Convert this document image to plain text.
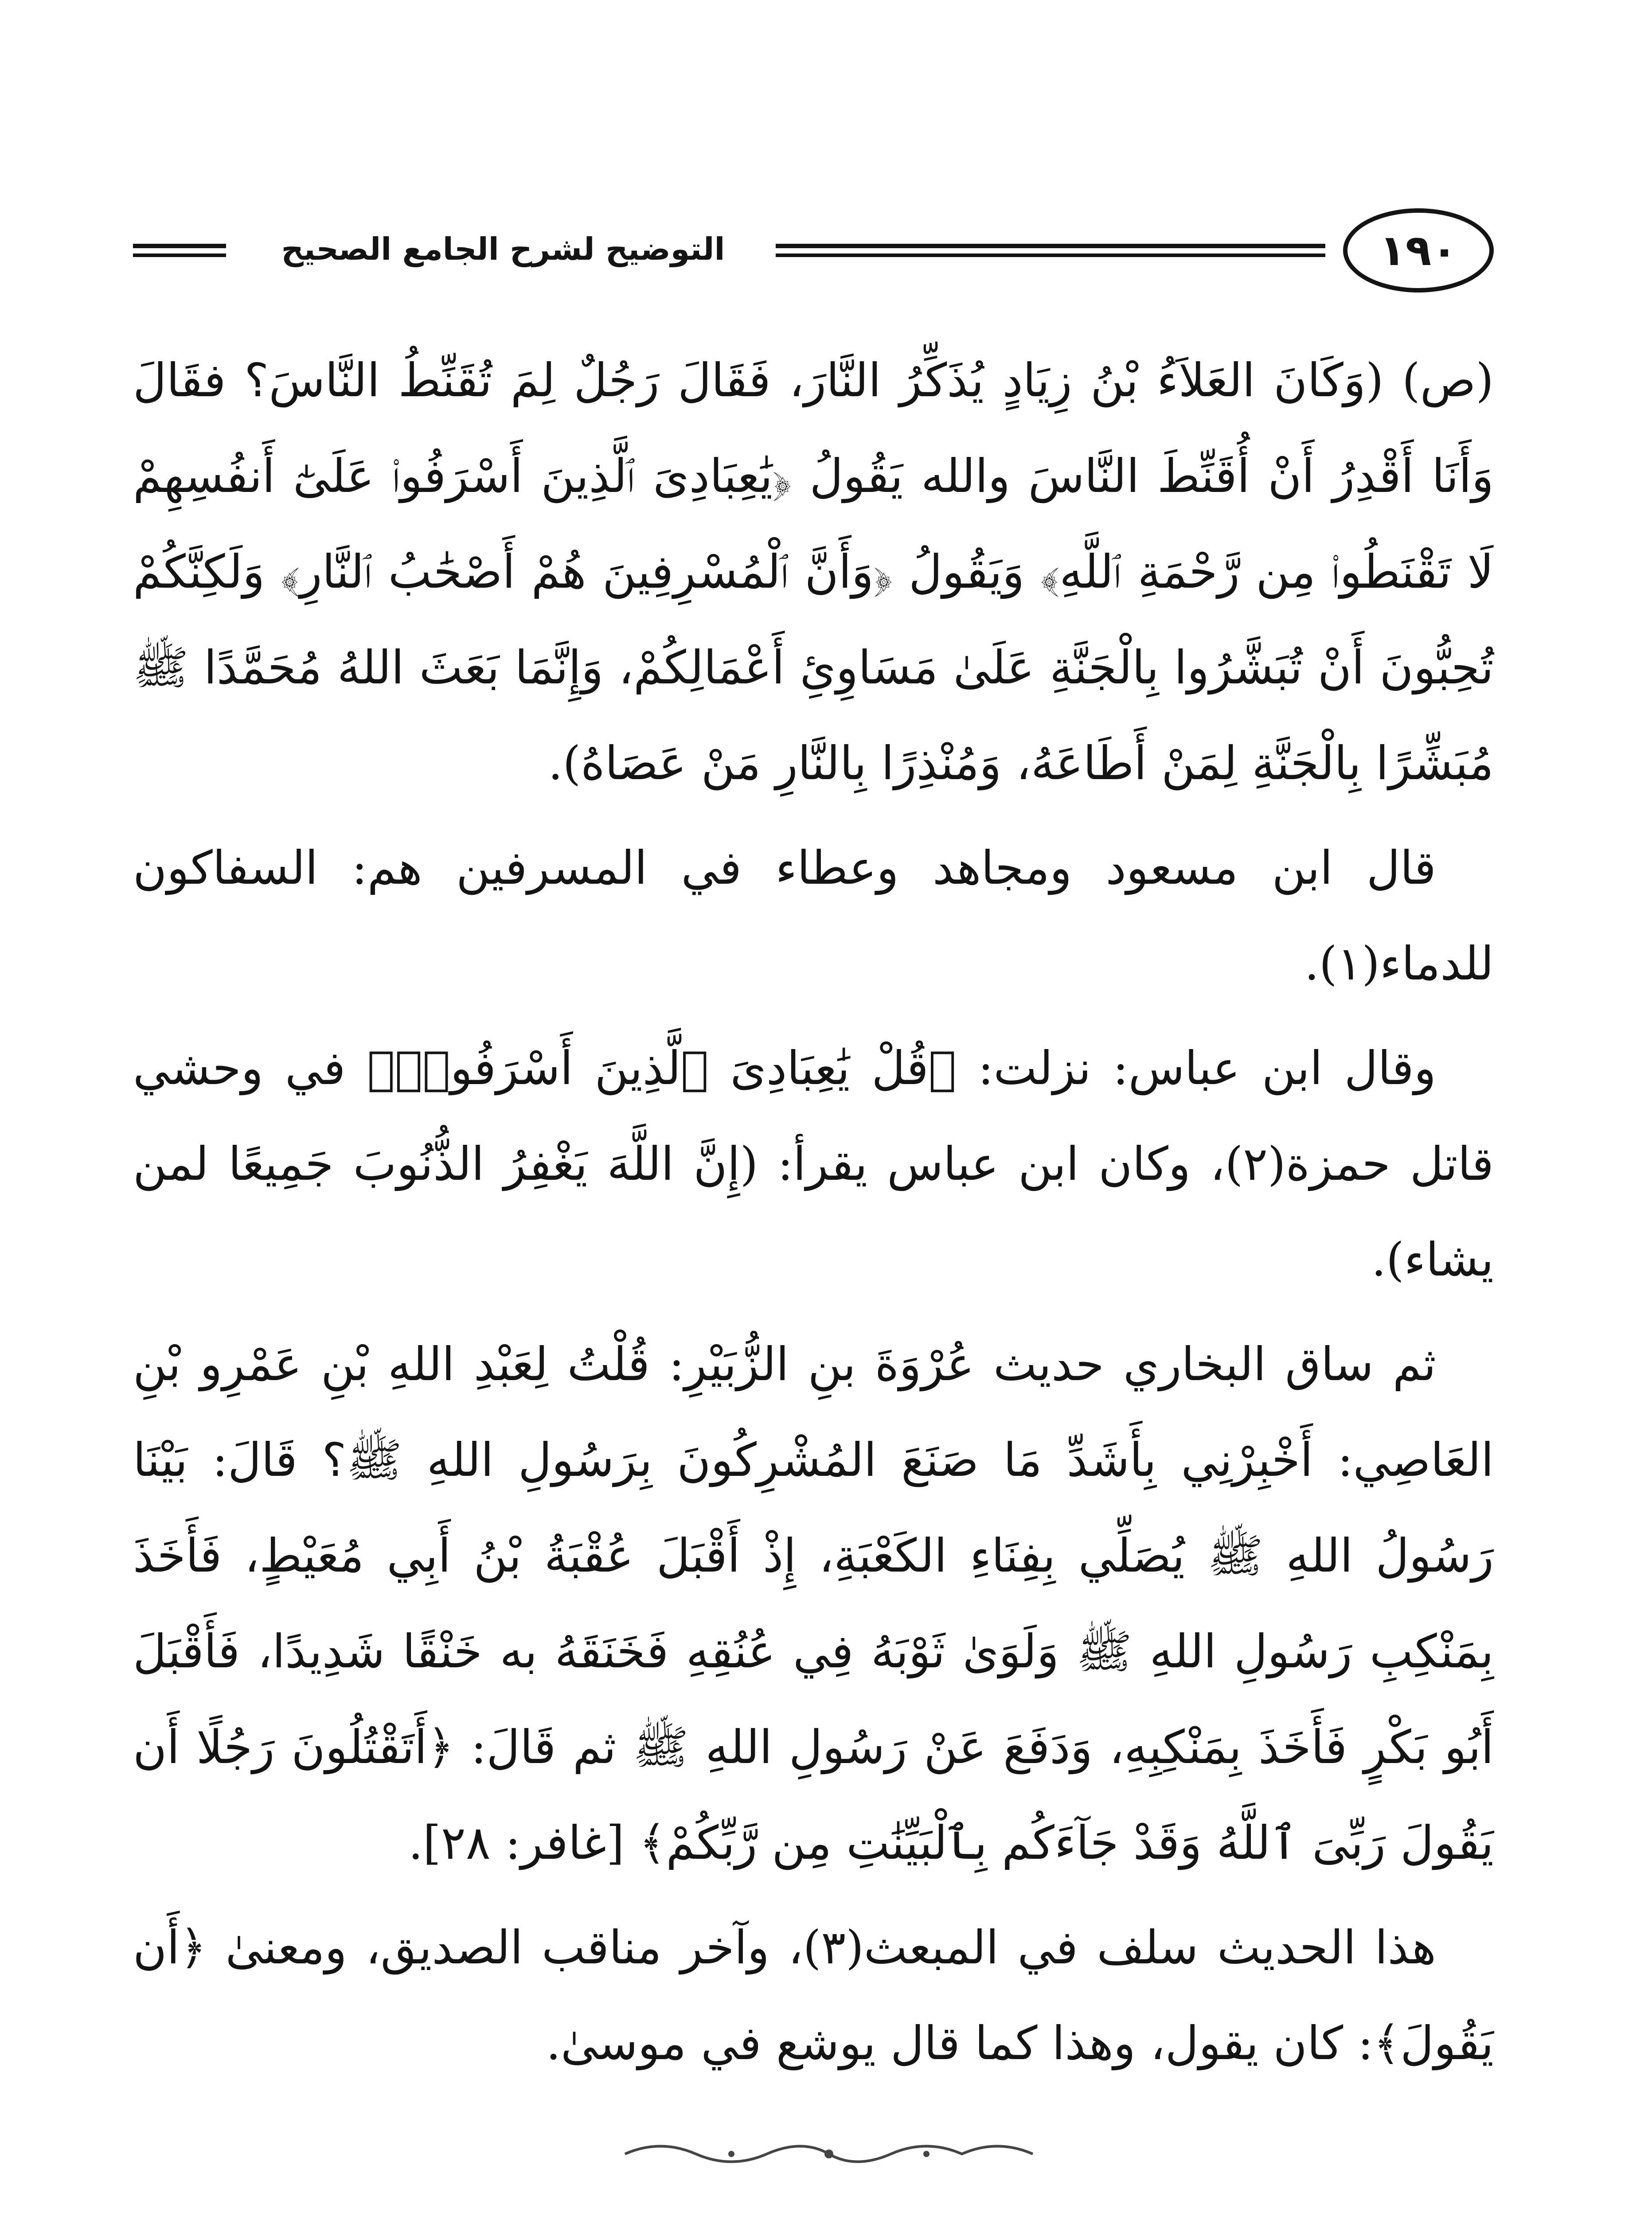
التوضيح لشرح الجامع الصحيح	١٩٠

(ص) (وَكَانَ العَلاَءُ بْنُ زِيَادٍ يُذَكِّرُ النَّارَ، فَقَالَ رَجُلٌ لِمَ تُقَنِّطُ النَّاسَ؟ فقَالَ وَأَنَا أَقْدِرُ أَنْ أُقَنِّطَ النَّاسَ والله يَقُولُ ﴿يَٰعِبَادِىَ ٱلَّذِينَ أَسْرَفُوا۟ عَلَىٰٓ أَنفُسِهِمْ لَا تَقْنَطُوا۟ مِن رَّحْمَةِ ٱللَّهِ﴾ وَيَقُولُ ﴿وَأَنَّ ٱلْمُسْرِفِينَ هُمْ أَصْحَٰبُ ٱلنَّارِ﴾ وَلَكِنَّكُمْ تُحِبُّونَ أَنْ تُبَشَّرُوا بِالْجَنَّةِ عَلَىٰ مَسَاوِئِ أَعْمَالِكُمْ، وَإِنَّمَا بَعَثَ اللهُ مُحَمَّدًا ﷺ مُبَشِّرًا بِالْجَنَّةِ لِمَنْ أَطَاعَهُ، وَمُنْذِرًا بِالنَّارِ مَنْ عَصَاهُ).

قال ابن مسعود ومجاهد وعطاء في المسرفين هم: السفاكون للدماء(١).

وقال ابن عباس: نزلت: ﴿قُلْ يَٰعِبَادِىَ ٱلَّذِينَ أَسْرَفُوا۟﴾ في وحشي قاتل حمزة(٢)، وكان ابن عباس يقرأ: (إِنَّ اللَّهَ يَغْفِرُ الذُّنُوبَ جَمِيعًا لمن يشاء).

ثم ساق البخاري حديث عُرْوَةَ بنِ الزُّبَيْرِ: قُلْتُ لِعَبْدِ اللهِ بْنِ عَمْرِو بْنِ العَاصِي: أَخْبِرْنِي بِأَشَدِّ مَا صَنَعَ المُشْرِكُونَ بِرَسُولِ اللهِ ﷺ؟ قَالَ: بَيْنَا رَسُولُ اللهِ ﷺ يُصَلِّي بِفِنَاءِ الكَعْبَةِ، إِذْ أَقْبَلَ عُقْبَةُ بْنُ أَبِي مُعَيْطٍ، فَأَخَذَ بِمَنْكِبِ رَسُولِ اللهِ ﷺ وَلَوَىٰ ثَوْبَهُ فِي عُنُقِهِ فَخَنَقَهُ به خَنْقًا شَدِيدًا، فَأَقْبَلَ أَبُو بَكْرٍ فَأَخَذَ بِمَنْكِبِهِ، وَدَفَعَ عَنْ رَسُولِ اللهِ ﷺ ثم قَالَ: ﴿أَتَقْتُلُونَ رَجُلًا أَن يَقُولَ رَبِّىَ ٱللَّهُ وَقَدْ جَآءَكُم بِٱلْبَيِّنَٰتِ مِن رَّبِّكُمْ﴾ [غافر: ٢٨].

هذا الحديث سلف في المبعث(٣)، وآخر مناقب الصديق، ومعنىٰ ﴿أَن يَقُولَ﴾: كان يقول، وهذا كما قال يوشع في موسىٰ.
